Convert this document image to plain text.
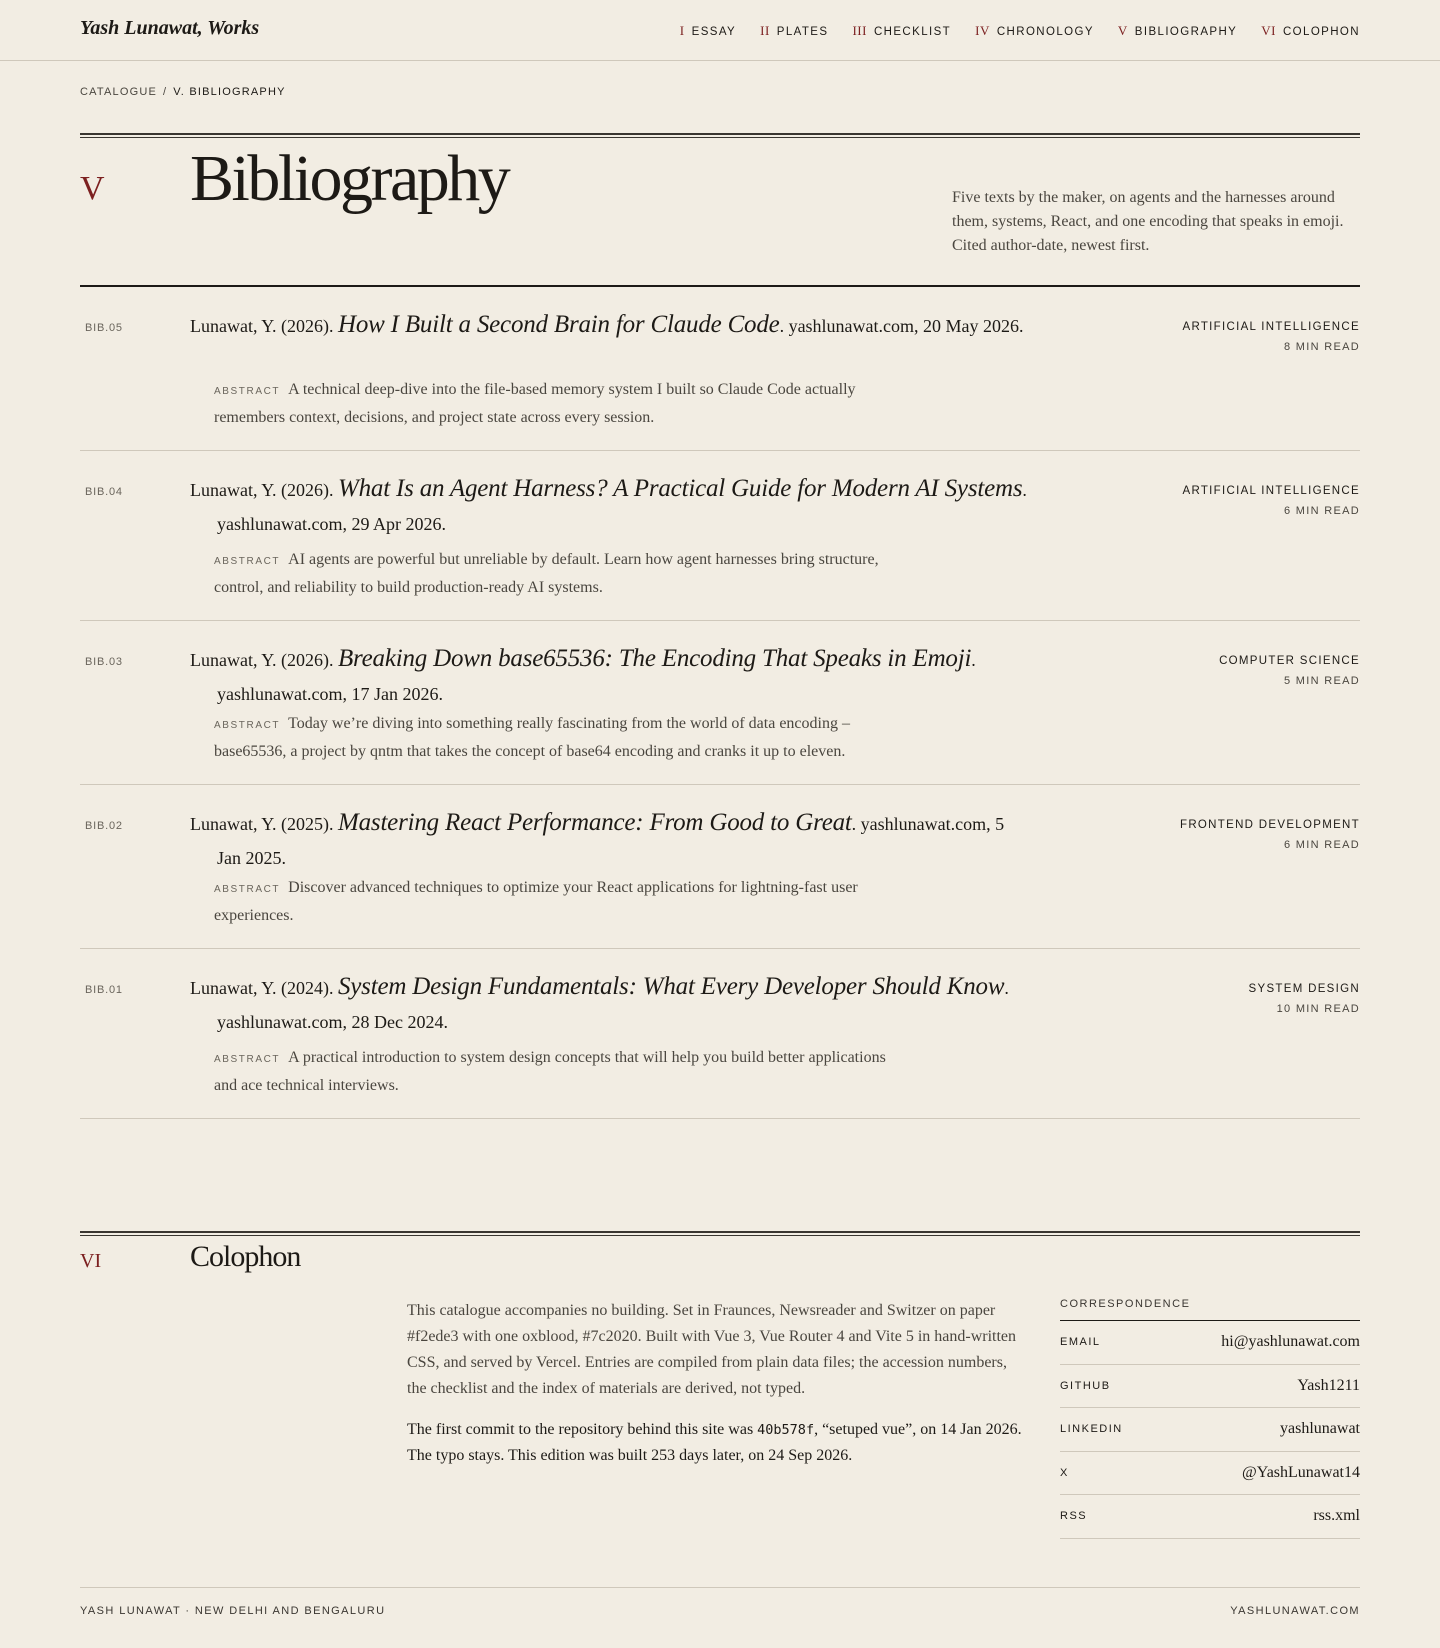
Yash Lunawat, Works	I ESSAY II PLATES III CHECKLIST IV CHRONOLOGY V BIBLIOGRAPHY VI COLOPHON
CATALOGUE / V. BIBLIOGRAPHY
V Bibliography	Five texts by the maker, on agents and the harnesses around them, systems, React, and one encoding that speaks in emoji. Cited author-date, newest first.

BIB.05	Lunawat, Y. (2026). How I Built a Second Brain for Claude Code. yashlunawat.com, 20 May 2026.

ABSTRACT A technical deep-dive into the file-based memory system I built so Claude Code actually remembers context, decisions, and project state across every session.

ARTIFICIAL INTELLIGENCE
8 MIN READ
BIB.04	Lunawat, Y. (2026). What Is an Agent Harness? A Practical Guide for Modern AI Systems. yashlunawat.com, 29 Apr 2026.

ABSTRACT AI agents are powerful but unreliable by default. Learn how agent harnesses bring structure, control, and reliability to build production-ready AI systems.

ARTIFICIAL INTELLIGENCE
6 MIN READ
BIB.03	Lunawat, Y. (2026). Breaking Down base65536: The Encoding That Speaks in Emoji. yashlunawat.com, 17 Jan 2026.

ABSTRACT Today we’re diving into something really fascinating from the world of data encoding – base65536, a project by qntm that takes the concept of base64 encoding and cranks it up to eleven.

COMPUTER SCIENCE
5 MIN READ
BIB.02	Lunawat, Y. (2025). Mastering React Performance: From Good to Great. yashlunawat.com, 5 Jan 2025.

ABSTRACT Discover advanced techniques to optimize your React applications for lightning-fast user experiences.

FRONTEND DEVELOPMENT
6 MIN READ
BIB.01	Lunawat, Y. (2024). System Design Fundamentals: What Every Developer Should Know. yashlunawat.com, 28 Dec 2024.

ABSTRACT A practical introduction to system design concepts that will help you build better applications and ace technical interviews.

SYSTEM DESIGN
10 MIN READ
VI	Colophon

This catalogue accompanies no building. Set in Fraunces, Newsreader and Switzer on paper #f2ede3 with one oxblood, #7c2020. Built with Vue 3, Vue Router 4 and Vite 5 in hand-written CSS, and served by Vercel. Entries are compiled from plain data files; the accession numbers, the checklist and the index of materials are derived, not typed.

The first commit to the repository behind this site was 40b578f, “setuped vue”, on 14 Jan 2026. The typo stays. This edition was built 253 days later, on 24 Sep 2026.

CORRESPONDENCE
EMAIL	hi@yashlunawat.com
GITHUB	Yash1211
LINKEDIN	yashlunawat
X	@YashLunawat14
RSS	rss.xml
YASH LUNAWAT · NEW DELHI AND BENGALURU	YASHLUNAWAT.COM
